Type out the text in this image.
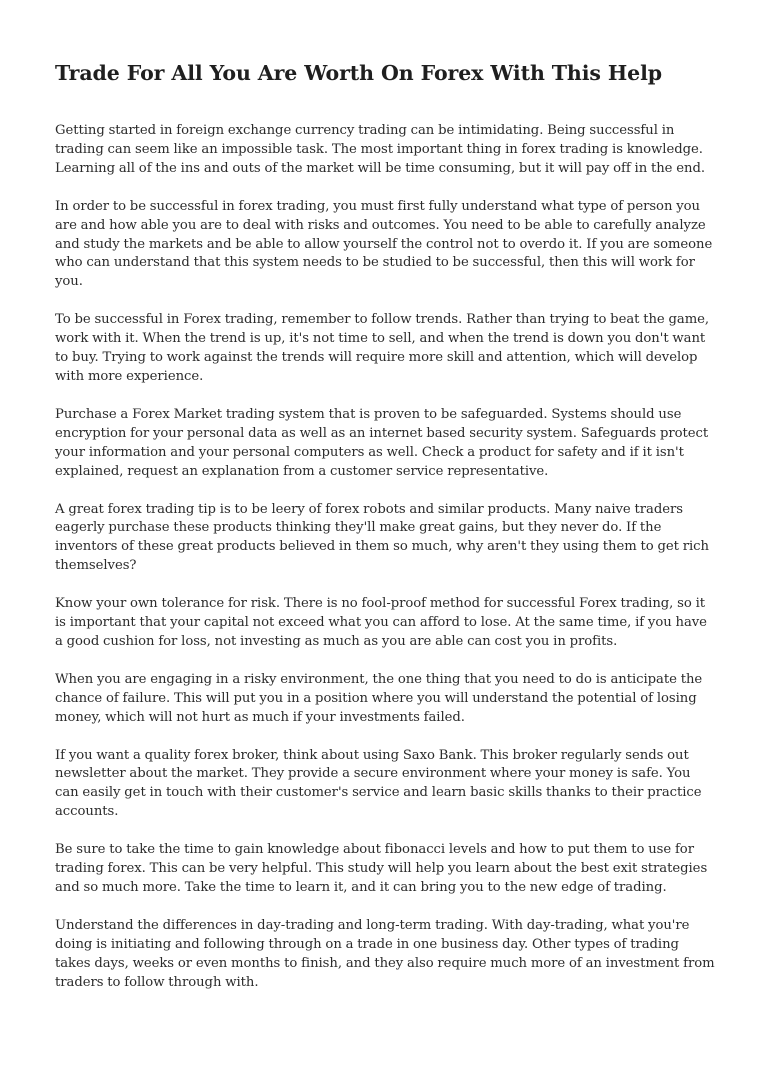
Trade For All You Are Worth On Forex With This Help

Getting started in foreign exchange currency trading can be intimidating. Being successful in trading can seem like an impossible task. The most important thing in forex trading is knowledge. Learning all of the ins and outs of the market will be time consuming, but it will pay off in the end.

In order to be successful in forex trading, you must first fully understand what type of person you are and how able you are to deal with risks and outcomes. You need to be able to carefully analyze and study the markets and be able to allow yourself the control not to overdo it. If you are someone who can understand that this system needs to be studied to be successful, then this will work for you.

To be successful in Forex trading, remember to follow trends. Rather than trying to beat the game, work with it. When the trend is up, it's not time to sell, and when the trend is down you don't want to buy. Trying to work against the trends will require more skill and attention, which will develop with more experience.

Purchase a Forex Market trading system that is proven to be safeguarded. Systems should use encryption for your personal data as well as an internet based security system. Safeguards protect your information and your personal computers as well. Check a product for safety and if it isn't explained, request an explanation from a customer service representative.

A great forex trading tip is to be leery of forex robots and similar products. Many naive traders eagerly purchase these products thinking they'll make great gains, but they never do. If the inventors of these great products believed in them so much, why aren't they using them to get rich themselves?

Know your own tolerance for risk. There is no fool-proof method for successful Forex trading, so it is important that your capital not exceed what you can afford to lose. At the same time, if you have a good cushion for loss, not investing as much as you are able can cost you in profits.

When you are engaging in a risky environment, the one thing that you need to do is anticipate the chance of failure. This will put you in a position where you will understand the potential of losing money, which will not hurt as much if your investments failed.

If you want a quality forex broker, think about using Saxo Bank. This broker regularly sends out newsletter about the market. They provide a secure environment where your money is safe. You can easily get in touch with their customer's service and learn basic skills thanks to their practice accounts.

Be sure to take the time to gain knowledge about fibonacci levels and how to put them to use for trading forex. This can be very helpful. This study will help you learn about the best exit strategies and so much more. Take the time to learn it, and it can bring you to the new edge of trading.

Understand the differences in day-trading and long-term trading. With day-trading, what you're doing is initiating and following through on a trade in one business day. Other types of trading takes days, weeks or even months to finish, and they also require much more of an investment from traders to follow through with.
